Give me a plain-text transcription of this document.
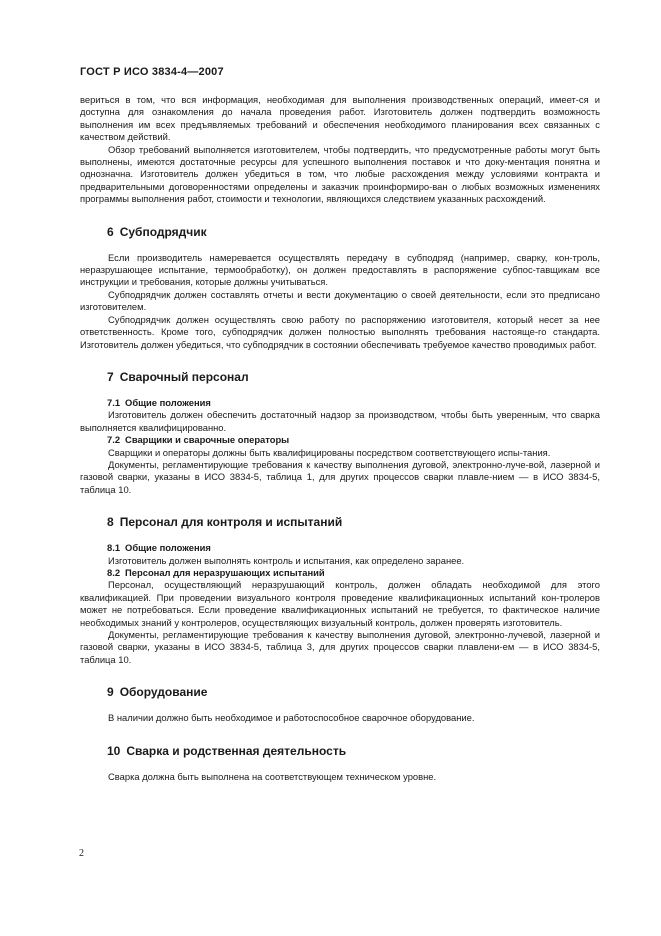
ГОСТ Р ИСО 3834-4—2007

вериться в том, что вся информация, необходимая для выполнения производственных операций, имеет-ся и доступна для ознакомления до начала проведения работ. Изготовитель должен подтвердить возможность выполнения им всех предъявляемых требований и обеспечения необходимого планирования всех связанных с качеством действий.

Обзор требований выполняется изготовителем, чтобы подтвердить, что предусмотренные работы могут быть выполнены, имеются достаточные ресурсы для успешного выполнения поставок и что доку-ментация понятна и однозначна. Изготовитель должен убедиться в том, что любые расхождения между условиями контракта и предварительными договоренностями определены и заказчик проинформиро-ван о любых возможных изменениях программы выполнения работ, стоимости и технологии, являющихся следствием указанных расхождений.

6 Субподрядчик

Если производитель намеревается осуществлять передачу в субподряд (например, сварку, кон-троль, неразрушающее испытание, термообработку), он должен предоставлять в распоряжение субпос-тавщикам все инструкции и требования, которые должны учитываться.

Субподрядчик должен составлять отчеты и вести документацию о своей деятельности, если это предписано изготовителем.

Субподрядчик должен осуществлять свою работу по распоряжению изготовителя, который несет за нее ответственность. Кроме того, субподрядчик должен полностью выполнять требования настояще-го стандарта. Изготовитель должен убедиться, что субподрядчик в состоянии обеспечивать требуемое качество проводимых работ.

7 Сварочный персонал

7.1 Общие положения

Изготовитель должен обеспечить достаточный надзор за производством, чтобы быть уверенным, что сварка выполняется квалифицированно.

7.2 Сварщики и сварочные операторы

Сварщики и операторы должны быть квалифицированы посредством соответствующего испы-тания.

Документы, регламентирующие требования к качеству выполнения дуговой, электронно-луче-вой, лазерной и газовой сварки, указаны в ИСО 3834-5, таблица 1, для других процессов сварки плавле-нием — в ИСО 3834-5, таблица 10.

8 Персонал для контроля и испытаний

8.1 Общие положения

Изготовитель должен выполнять контроль и испытания, как определено заранее.

8.2 Персонал для неразрушающих испытаний

Персонал, осуществляющий неразрушающий контроль, должен обладать необходимой для этого квалификацией. При проведении визуального контроля проведение квалификационных испытаний кон-тролеров может не потребоваться. Если проведение квалификационных испытаний не требуется, то фактическое наличие необходимых знаний у контролеров, осуществляющих визуальный контроль, должен проверять изготовитель.

Документы, регламентирующие требования к качеству выполнения дуговой, электронно-лучевой, лазерной и газовой сварки, указаны в ИСО 3834-5, таблица 3, для других процессов сварки плавлени-ем — в ИСО 3834-5, таблица 10.

9 Оборудование

В наличии должно быть необходимое и работоспособное сварочное оборудование.

10 Сварка и родственная деятельность

Сварка должна быть выполнена на соответствующем техническом уровне.

2
